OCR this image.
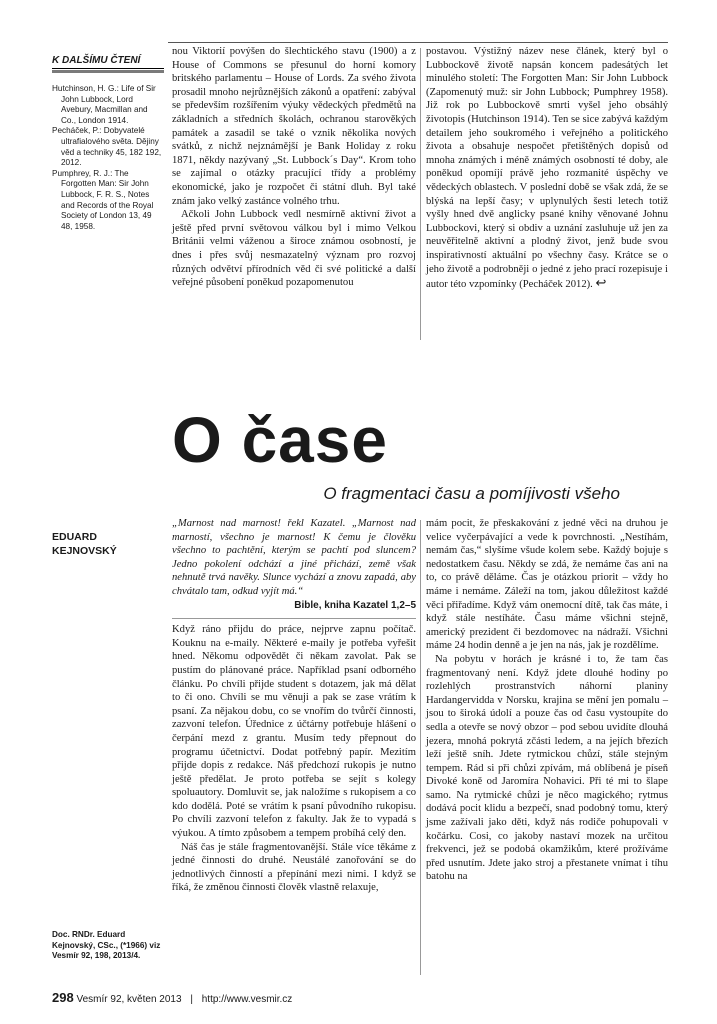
K DALŠÍMU ČTENÍ

Hutchinson, H. G.: Life of Sir John Lubbock, Lord Avebury, Macmillan and Co., London 1914.

Pecháček, P.: Dobyvatelé ultrafialového světa. Dějiny věd a techniky 45, 182 192, 2012.

Pumphrey, R. J.: The Forgotten Man: Sir John Lubbock, F. R. S., Notes and Records of the Royal Society of London 13, 49 48, 1958.

nou Viktorií povýšen do šlechtického stavu (1900) a z House of Commons se přesunul do horní komory britského parlamentu – House of Lords. Za svého života prosadil mnoho nejrůznějších zákonů a opatření: zabýval se především rozšířením výuky vědeckých předmětů na základních a středních školách, ochranou starověkých památek a zasadil se také o vznik několika nových svátků, z nichž nejznámější je Bank Holiday z roku 1871, někdy nazývaný „St. Lubbock´s Day“. Krom toho se zajímal o otázky pracující třídy a problémy ekonomické, jako je rozpočet či státní dluh. Byl také znám jako velký zastánce volného trhu.

Ačkoli John Lubbock vedl nesmírně aktivní život a ještě před první světovou válkou byl i mimo Velkou Británii velmi váženou a široce známou osobností, je dnes i přes svůj nesmazatelný význam pro rozvoj různých odvětví přírodních věd či své politické a další veřejné působení poněkud pozapomenutou

postavou. Výstižný název nese článek, který byl o Lubbockově životě napsán koncem padesátých let minulého století: The Forgotten Man: Sir John Lubbock (Zapomenutý muž: sir John Lubbock; Pumphrey 1958). Již rok po Lubbockově smrti vyšel jeho obsáhlý životopis (Hutchinson 1914). Ten se sice zabývá každým detailem jeho soukromého i veřejného a politického života a obsahuje nespočet přetištěných dopisů od mnoha známých i méně známých osobností té doby, ale poněkud opomíjí právě jeho rozmanité úspěchy ve vědeckých oblastech. V poslední době se však zdá, že se blýská na lepší časy; v uplynulých šesti letech totiž vyšly hned dvě anglicky psané knihy věnované Johnu Lubbockovi, který si obdiv a uznání zasluhuje už jen za neuvěřitelně aktivní a plodný život, jenž bude svou inspirativností aktuální po všechny časy. Krátce se o jeho životě a podrobněji o jedné z jeho prací rozepisuje i autor této vzpomínky (Pecháček 2012). ↩

O čase
O fragmentaci času a pomíjivosti všeho
EDUARD
KEJNOVSKÝ

„Marnost nad marnost! řekl Kazatel. „Marnost nad marností, všechno je marnost! K čemu je člověku všechno to pachtění, kterým se pachtí pod sluncem? Jedno pokolení odchází a jiné přichází, země však nehnutě trvá navěky. Slunce vychází a znovu zapadá, aby chvátalo tam, odkud vyjít má.“

Bible, kniha Kazatel 1,2–5

Když ráno přijdu do práce, nejprve zapnu počítač. Kouknu na e-maily. Některé e-maily je potřeba vyřešit hned. Někomu odpovědět či někam zavolat. Pak se pustím do plánované práce. Například psaní odborného článku. Po chvíli přijde student s dotazem, jak má dělat to či ono. Chvíli se mu věnuji a pak se zase vrátím k psaní. Za nějakou dobu, co se vnořím do tvůrčí činnosti, zazvoní telefon. Úřednice z účtárny potřebuje hlášení o čerpání mezd z grantu. Musím tedy přepnout do programu účetnictví. Dodat potřebný papír. Mezitím přijde dopis z redakce. Náš předchozí rukopis je nutno ještě předělat. Je proto potřeba se sejít s kolegy spoluautory. Domluvit se, jak naložíme s rukopisem a co kdo dodělá. Poté se vrátím k psaní původního rukopisu. Po chvíli zazvoní telefon z fakulty. Jak že to vypadá s výukou. A tímto způsobem a tempem probíhá celý den.

Náš čas je stále fragmentovanější. Stále více těkáme z jedné činnosti do druhé. Neustálé zanořování se do jednotlivých činností a přepínání mezi nimi. I když se říká, že změnou činnosti člověk vlastně relaxuje,

mám pocit, že přeskakování z jedné věci na druhou je velice vyčerpávající a vede k povrchnosti. „Nestíhám, nemám čas,“ slyšíme všude kolem sebe. Každý bojuje s nedostatkem času. Někdy se zdá, že nemáme čas ani na to, co právě děláme. Čas je otázkou priorit – vždy ho máme i nemáme. Záleží na tom, jakou důležitost každé věci přiřadíme. Když vám onemocní dítě, tak čas máte, i když stále nestíháte. Času máme všichni stejně, americký prezident či bezdomovec na nádraží. Všichni máme 24 hodin denně a je jen na nás, jak je rozdělíme.

Na pobytu v horách je krásné i to, že tam čas fragmentovaný není. Když jdete dlouhé hodiny po rozlehlých prostranstvích náhorní planiny Hardangervidda v Norsku, krajina se mění jen pomalu – jsou to široká údolí a pouze čas od času vystoupíte do sedla a otevře se nový obzor – pod sebou uvidíte dlouhá jezera, mnohá pokrytá zčásti ledem, a na jejích březích leží ještě sníh. Jdete rytmickou chůzí, stále stejným tempem. Rád si při chůzi zpívám, má oblíbená je píseň Divoké koně od Jaromíra Nohavici. Při té mi to šlape samo. Na rytmické chůzi je něco magického; rytmus dodává pocit klidu a bezpečí, snad podobný tomu, který jsme zažívali jako děti, když nás rodiče pohupovali v kočárku. Cosi, co jakoby nastaví mozek na určitou frekvenci, jež se podobá okamžikům, které prožíváme před usnutím. Jdete jako stroj a přestanete vnímat i tíhu batohu na

Doc. RNDr. Eduard Kejnovský, CSc., (*1966) viz Vesmír 92, 198, 2013/4.
298 Vesmír 92, květen 2013 | http://www.vesmir.cz
